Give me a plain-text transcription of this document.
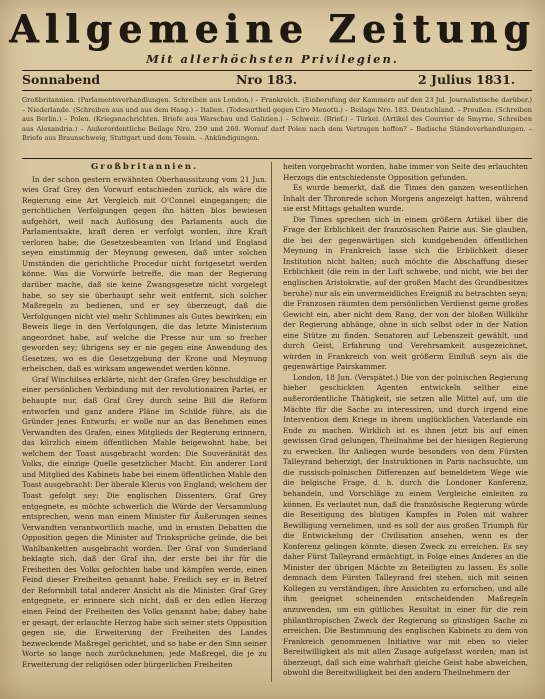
Allgemeine Zeitung
Mit allerhöchsten Privilegien.
Sonnabend	Nro 183.	2 Julius 1831.
Großbritannien. (Parlamentsverhandlungen. Schreiben aus London.) – Frankreich. (Einberufung der Kammern auf den 23 Jul. Journalistische darüber.) – Niederlande. (Schreiben aus und aus dem Haag.) – Italien. (Todesurtheil gegen Ciro Menotti.) – Beilage Nro. 183. Deutschland. – Preußen. (Schreiben aus Berlin.) – Polen. (Kriegsnachrichten. Briefe aus Warschau und Galizien.) – Schweiz. (Brief.) – Türkei. (Artikel des Courrier de Smyrne. Schreiben aus Alexandria.) – Außerordentliche Beilage Nro. 259 und 260. Worauf darf Polen nach dem Vertragen hoffen? – Badische Ständeverhandlungen. – Briefe aus Braunschweig, Stuttgart und dem Tessin. – Ankündigungen.
Großbritannien.

In der schon gestern erwähnten Oberhaussitzung vom 21 Jun. wies Graf Grey den Vorwurf entschieden zurück, als wäre die Regierung eine Art Vergleich mit O'Connel eingegangen; die gerichtlichen Verfolgungen gegen ihn hätten blos bewiesen aufgehört, weil nach Auflösung des Parlaments auch die Parlamentsakte, kraft deren er verfolgt worden, ihre Kraft verloren habe; die Gesetzesbeamten von Irland und England seyen einstimmig der Meynung gewesen, daß unter solchen Umständen die gerichtliche Procedur nicht fortgesetzt werden könne. Was die Vorwürfe betreffe, die man der Regierung darüber mache, daß sie keine Zwangsgesetze nicht vorgelegt habe, so sey sie überhaupt sehr weit entfernt, sich solcher Maßregeln zu bedienen, und er sey überzeugt, daß die Verfolgungen nicht viel mehr Schlimmes als Gutes bewirken; ein Beweis liege in den Verfolgungen, die das letzte Ministerium angeordnet habe, auf welche die Presse nur um so frecher geworden sey; übrigens sey er nie gegen eine Anwendung des Gesetzes, wo es die Gesetzgebung der Krone und Meynung erheischen, daß es wirksam angewendet werden könne.

Graf Winchilsea erklärte, nicht der Grafen Grey beschuldige er einer persönlichen Verbindung mit der revolutionairen Partei, er behaupte nur, daß Graf Grey durch seine Bill die Reform entworfen und ganz andere Pläne im Schilde führe, als die Gründer jenes Entwurfs; er wolle nur an das Benehmen eines Verwandten des Grafen, eines Mitglieds der Regierung erinnern, das kürzlich einem öffentlichen Mahle beigewohnt habe, bei welchem der Toast ausgebracht worden: Die Souveränität des Volks, die einzige Quelle gesetzlicher Macht. Ein anderer Lord und Mitglied des Kabinets habe bei einem öffentlichen Mahle den Toast ausgebracht: Der liberale Klerus von England; welchem der Toast gefolgt sey: Die englischen Dissenters. Graf Grey entgegnete, es möchte schwerlich die Würde der Versammlung entsprechen, wenn man einem Minister für Äußerungen seines Verwandten verantwortlich mache, und in ernsten Debatten die Opposition gegen die Minister auf Trinksprüche gründe, die bei Wahlbanketten ausgebracht worden. Der Graf von Sunderland beklagte sich, daß der Graf ihn, der erste bei ihr für die Freiheiten des Volks gefochten habe und kämpfen werde, einen Feind dieser Freiheiten genannt habe. Freilich sey er in Betref der Reformbill total anderer Ansicht als die Minister. Graf Grey entgegnete, er erinnere sich nicht, daß er den edlen Herzog einen Feind der Freiheiten des Volks genannt habe; dabey habe er gesagt, der erlauchte Herzog habe sich seiner stets Opposition gegen sie, die Erweiterung der Freiheiten des Landes bezweckende Maßregel gerichtet, und so habe er den Sinn seiner Worte so lange noch zurücknehmen; jede Maßregel, die je zu Erweiterung der religiösen oder bürgerlichen Freiheiten

heiten vorgebracht worden, habe immer von Seite des erlauchten Herzogs die entschiedenste Opposition gefunden.

Es wurde bemerkt, daß die Times den ganzen wesentlichen Inhalt der Thronrede schon Morgens angezeigt hatten, während sie erst Mittags gehalten wurde.

Die Times sprechen sich in einem größern Artikel über die Frage der Erblichkeit der französischen Pairie aus. Sie glauben, die bei der gegenwärtigen sich kundgebenden öffentlichen Meynung in Frankreich lasse sich die Erblichkeit dieser Institution nicht halten; auch möchte die Abschaffung dieser Erblichkeit (die rein in der Luft schwebe, und nicht, wie bei der englischen Aristokratie, auf der großen Macht des Grundbesitzes beruhe) nur als ein unvermeidliches Ereigniß zu betrachten seyn; die Franzosen räumten dem persönlichen Verdienst gerne großes Gewicht ein, aber nicht dem Rang, der von der bloßen Willkühr der Regierung abhänge, ohne in sich selbst oder in der Nation eine Stütze zu finden. Senatoren auf Lebenszeit gewählt, und durch Geist, Erfahrung und Verehrsamkeit ausgezeichnet, würden in Frankreich von weit größerm Einfluß seyn als die gegenwärtige Pairskammer.

London, 18 Jun. (Verspätet.) Die von der polnischen Regierung hieher geschickten Agenten entwickeln selther eine außerordentliche Thätigkeit, sie setzen alle Mittel auf, um die Mächte für die Sache zu interessiren, und durch irgend eine Intervention dem Kriege in ihrem unglücklichen Vaterlande ein Ende zu machen. Wirklich ist es ihnen jetzt bis auf einen gewissen Grad gelungen, Theilnahme bei der hiesigen Regierung zu erwecken. Ihr Anliegen wurde besonders von dem Fürsten Talleyrand beherzigt, der Instruktionen in Paris nachsuchte, um die russisch-polnischen Differenzen auf bemeldetem Wege wie die belgische Frage, d. h. durch die Londoner Konferenz, behandeln, und Vorschläge zu einem Vergleiche einleiten zu können. Es verlautet nun, daß die französische Regierung würde die Beseitigung des blutigen Kampfes in Polen mit wahrer Bewilligung vernehmen, und es soll der aus großen Triumph für die Entwickelung der Civilisation ansehen, wenn es der Konferenz gelingen könnte, diesen Zweck zu erreichen. Es sey daher Fürst Talleyrand ermächtigt, in Folge eines Anderes an die Minister der übrigen Mächte zu Beteiligten zu lassen. Es solle demnach dem Fürsten Talleyrand frei stehen, sich mit seinen Kollegen zu verständigen, ihre Ansichten zu erforschen, und alle ihm geeignet scheinenden entscheidenden Maßregeln anzuwenden, um ein gütliches Resultat in einer für die rein philanthropischen Zweck der Regierung so günstigen Sache zu erreichen. Die Bestimmung des englischen Kabinets zu dem von Frankreich genommenen Initiative war mit eben so vieler Bereitwilligkeit als mit allen Zusage aufgefasst worden; man ist überzeugt, daß sich eine wahrhaft gleiche Geist habe abweichen, obwohl die Bereitwilligkeit bei den andern Theilnehmern der
